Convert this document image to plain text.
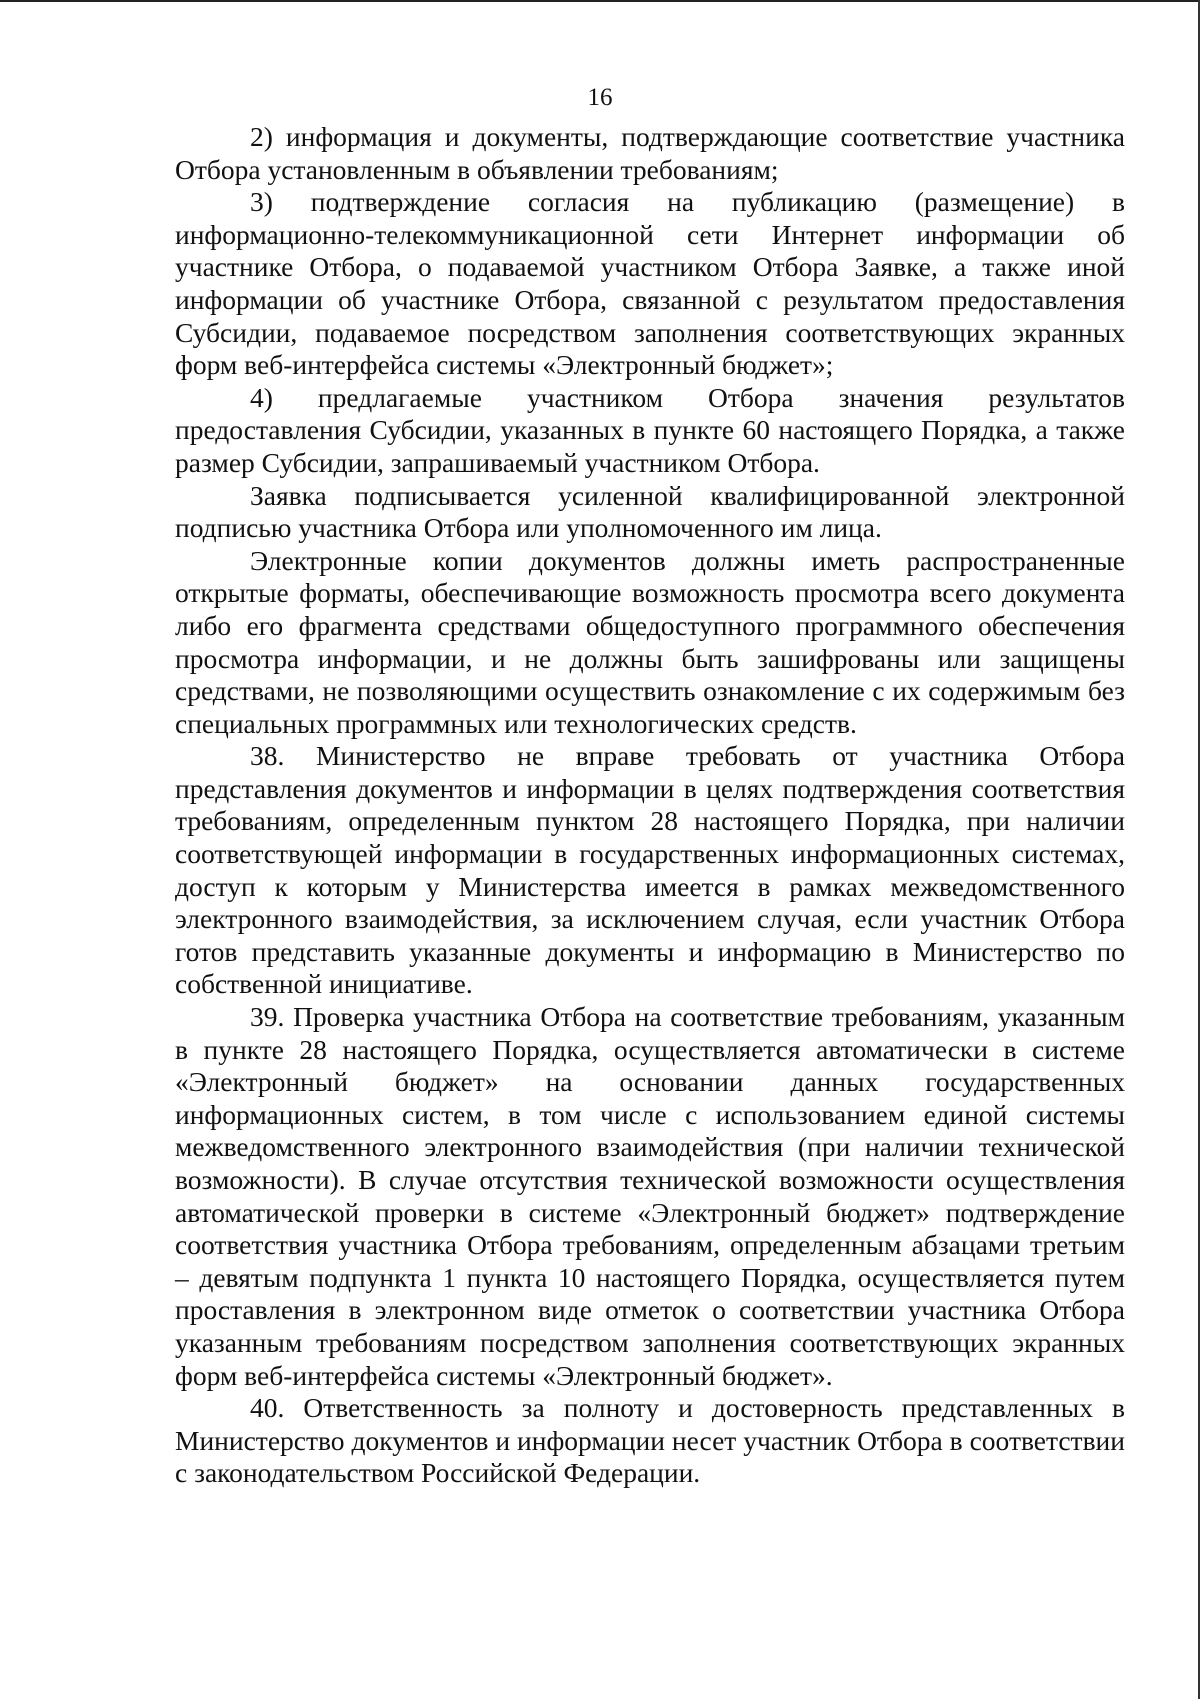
16

2) информация и документы, подтверждающие соответствие участника Отбора установленным в объявлении требованиям;

3) подтверждение согласия на публикацию (размещение) в информационно-телекоммуникационной сети Интернет информации об участнике Отбора, о подаваемой участником Отбора Заявке, а также иной информации об участнике Отбора, связанной с результатом предоставления Субсидии, подаваемое посредством заполнения соответствующих экранных форм веб-интерфейса системы «Электронный бюджет»;

4) предлагаемые участником Отбора значения результатов предоставления Субсидии, указанных в пункте 60 настоящего Порядка, а также размер Субсидии, запрашиваемый участником Отбора.

Заявка подписывается усиленной квалифицированной электронной подписью участника Отбора или уполномоченного им лица.

Электронные копии документов должны иметь распространенные открытые форматы, обеспечивающие возможность просмотра всего документа либо его фрагмента средствами общедоступного программного обеспечения просмотра информации, и не должны быть зашифрованы или защищены средствами, не позволяющими осуществить ознакомление с их содержимым без специальных программных или технологических средств.

38. Министерство не вправе требовать от участника Отбора представления документов и информации в целях подтверждения соответствия требованиям, определенным пунктом 28 настоящего Порядка, при наличии соответствующей информации в государственных информационных системах, доступ к которым у Министерства имеется в рамках межведомственного электронного взаимодействия, за исключением случая, если участник Отбора готов представить указанные документы и информацию в Министерство по собственной инициативе.

39. Проверка участника Отбора на соответствие требованиям, указанным в пункте 28 настоящего Порядка, осуществляется автоматически в системе «Электронный бюджет» на основании данных государственных информационных систем, в том числе с использованием единой системы межведомственного электронного взаимодействия (при наличии технической возможности). В случае отсутствия технической возможности осуществления автоматической проверки в системе «Электронный бюджет» подтверждение соответствия участника Отбора требованиям, определенным абзацами третьим – девятым подпункта 1 пункта 10 настоящего Порядка, осуществляется путем проставления в электронном виде отметок о соответствии участника Отбора указанным требованиям посредством заполнения соответствующих экранных форм веб-интерфейса системы «Электронный бюджет».

40. Ответственность за полноту и достоверность представленных в Министерство документов и информации несет участник Отбора в соответствии с законодательством Российской Федерации.
